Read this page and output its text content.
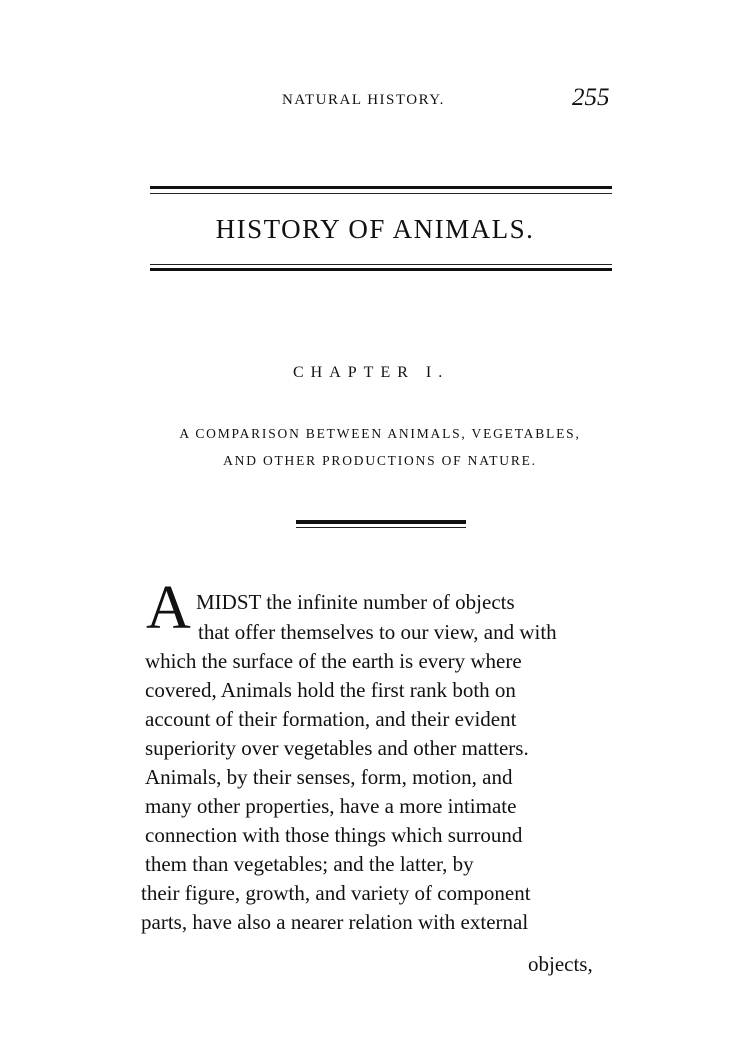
NATURAL HISTORY.	255
HISTORY OF ANIMALS.
CHAPTER I.
A COMPARISON BETWEEN ANIMALS, VEGETABLES,
AND OTHER PRODUCTIONS OF NATURE.
A MIDST the infinite number of objects
that offer themselves to our view, and with
which the surface of the earth is every where
covered, Animals hold the first rank both on
account of their formation, and their evident
superiority over vegetables and other matters.
Animals, by their senses, form, motion, and
many other properties, have a more intimate
connection with those things which surround
them than vegetables; and the latter, by
their figure, growth, and variety of component
parts, have also a nearer relation with external
objects,
